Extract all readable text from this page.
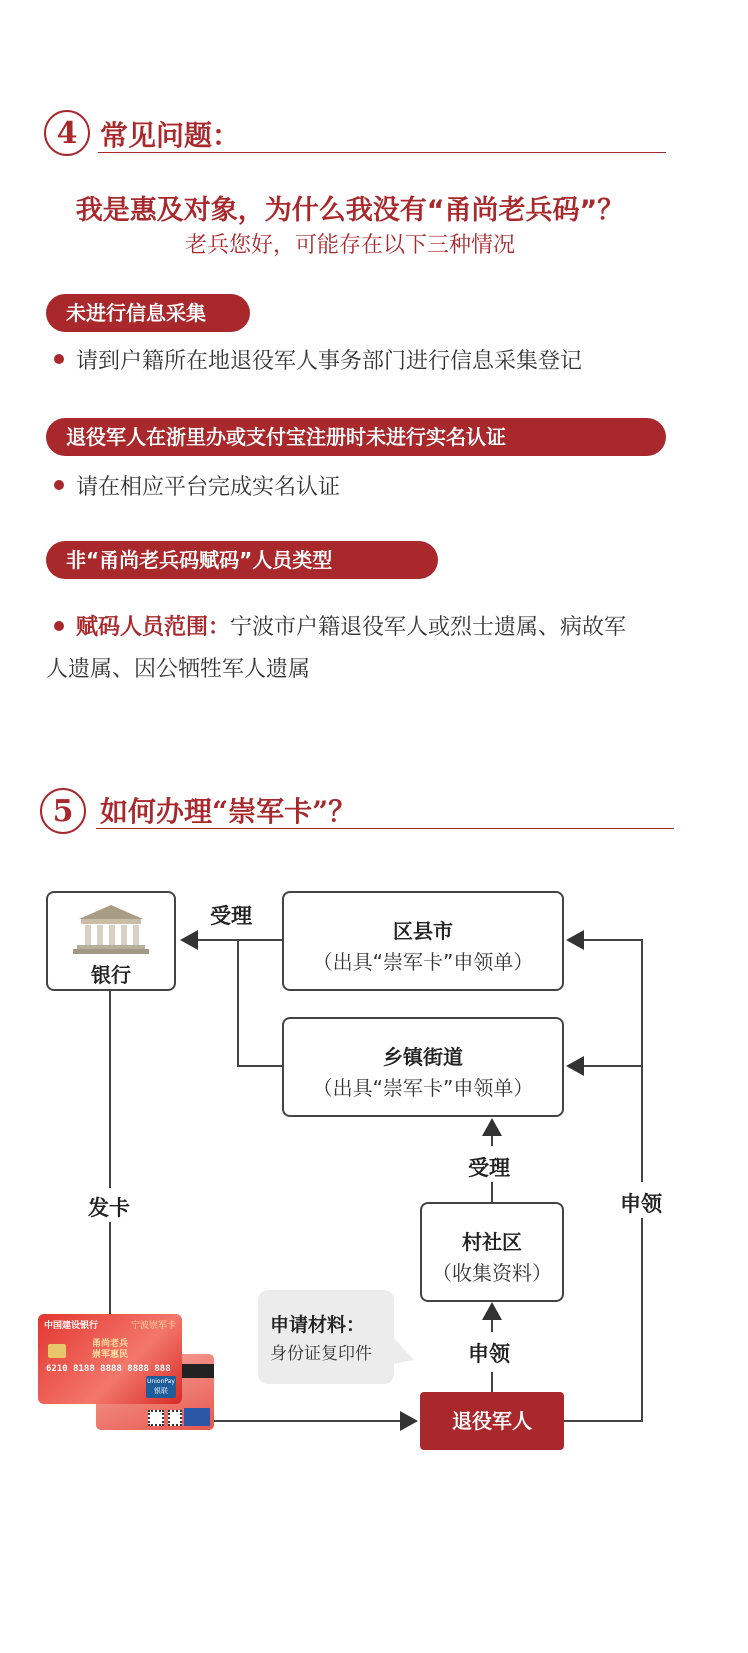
4 常见问题：
我是惠及对象，为什么我没有“甬尚老兵码”？
老兵您好，可能存在以下三种情况
未进行信息采集
请到户籍所在地退役军人事务部门进行信息采集登记
退役军人在浙里办或支付宝注册时未进行实名认证
请在相应平台完成实名认证
非“甬尚老兵码赋码”人员类型
赋码人员范围：宁波市户籍退役军人或烈士遗属、病故军
人遗属、因公牺牲军人遗属
5 如何办理“崇军卡”？
银行
受理
区县市
（出具“崇军卡”申领单）
乡镇街道
（出具“崇军卡”申领单）
受理
申领
发卡
村社区
（收集资料）
申领
申请材料：
身份证复印件
退役军人
中国建设银行	宁波崇军卡
甬尚老兵
崇军惠民
6210 8188 8888 8888 888
UnionPay
银联
